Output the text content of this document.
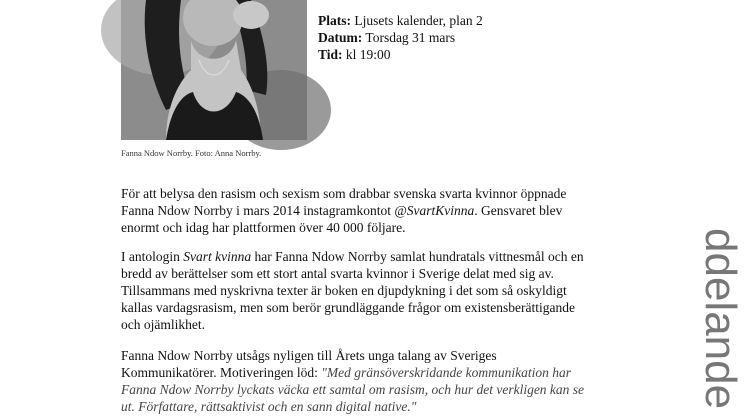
Fanna Ndow Norrby. Foto: Anna Norrby.
Plats: Ljusets kalender, plan 2
Datum: Torsdag 31 mars
Tid: kl 19:00
ddelande

För att belysa den rasism och sexism som drabbar svenska svarta kvinnor öppnade Fanna Ndow Norrby i mars 2014 instagramkontot @SvartKvinna. Gensvaret blev enormt och idag har plattformen över 40 000 följare.

I antologin Svart kvinna har Fanna Ndow Norrby samlat hundratals vittnesmål och en bredd av berättelser som ett stort antal svarta kvinnor i Sverige delat med sig av. Tillsammans med nyskrivna texter är boken en djupdykning i det som så oskyldigt kallas vardagsrasism, men som berör grundläggande frågor om existensberättigande och ojämlikhet.

Fanna Ndow Norrby utsågs nyligen till Årets unga talang av Sveriges Kommunikatörer. Motiveringen löd: "Med gränsöverskridande kommunikation har Fanna Ndow Norrby lyckats väcka ett samtal om rasism, och hur det verkligen kan se ut. Författare, rättsaktivist och en sann digital native."
